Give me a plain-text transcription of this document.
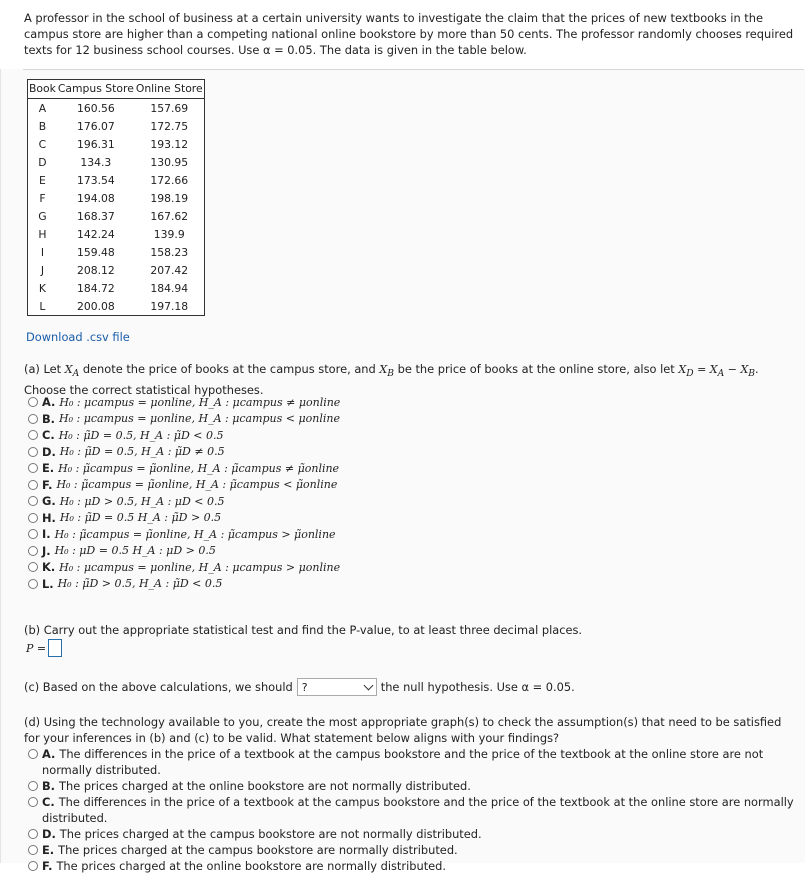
A professor in the school of business at a certain university wants to investigate the claim that the prices of new textbooks in the campus store are higher than a competing national online bookstore by more than 50 cents. The professor randomly chooses required texts for 12 business school courses. Use α = 0.05. The data is given in the table below.
Book	Campus Store	Online Store
A	160.56	157.69
B	176.07	172.75
C	196.31	193.12
D	134.3	130.95
E	173.54	172.66
F	194.08	198.19
G	168.37	167.62
H	142.24	139.9
I	159.48	158.23
J	208.12	207.42
K	184.72	184.94
L	200.08	197.18
Download .csv file
(a) Let $X_A$ denote the price of books at the campus store, and $X_B$ be the price of books at the online store, also let $X_D = X_A - X_B$. Choose the correct statistical hypotheses.
A. H₀ : μcampus = μonline, H_A : μcampus ≠ μonline
B. H₀ : μcampus = μonline, H_A : μcampus < μonline
C. H₀ : μ̃D = 0.5, H_A : μ̃D < 0.5
D. H₀ : μ̃D = 0.5, H_A : μ̃D ≠ 0.5
E. H₀ : μ̃campus = μ̃online, H_A : μ̃campus ≠ μ̃online
F. H₀ : μ̃campus = μ̃online, H_A : μ̃campus < μ̃online
G. H₀ : μD > 0.5, H_A : μD < 0.5
H. H₀ : μ̃D = 0.5 H_A : μ̃D > 0.5
I. H₀ : μ̃campus = μ̃online, H_A : μ̃campus > μ̃online
J. H₀ : μD = 0.5 H_A : μD > 0.5
K. H₀ : μcampus = μonline, H_A : μcampus > μonline
L. H₀ : μ̃D > 0.5, H_A : μ̃D < 0.5
(b) Carry out the appropriate statistical test and find the P-value, to at least three decimal places.
P =
(c) Based on the above calculations, we should ?	the null hypothesis. Use α = 0.05.
(d) Using the technology available to you, create the most appropriate graph(s) to check the assumption(s) that need to be satisfied for your inferences in (b) and (c) to be valid. What statement below aligns with your findings?
A. The differences in the price of a textbook at the campus bookstore and the price of the textbook at the online store are not normally distributed.
B. The prices charged at the online bookstore are not normally distributed.
C. The differences in the price of a textbook at the campus bookstore and the price of the textbook at the online store are normally distributed.
D. The prices charged at the campus bookstore are not normally distributed.
E. The prices charged at the campus bookstore are normally distributed.
F. The prices charged at the online bookstore are normally distributed.
